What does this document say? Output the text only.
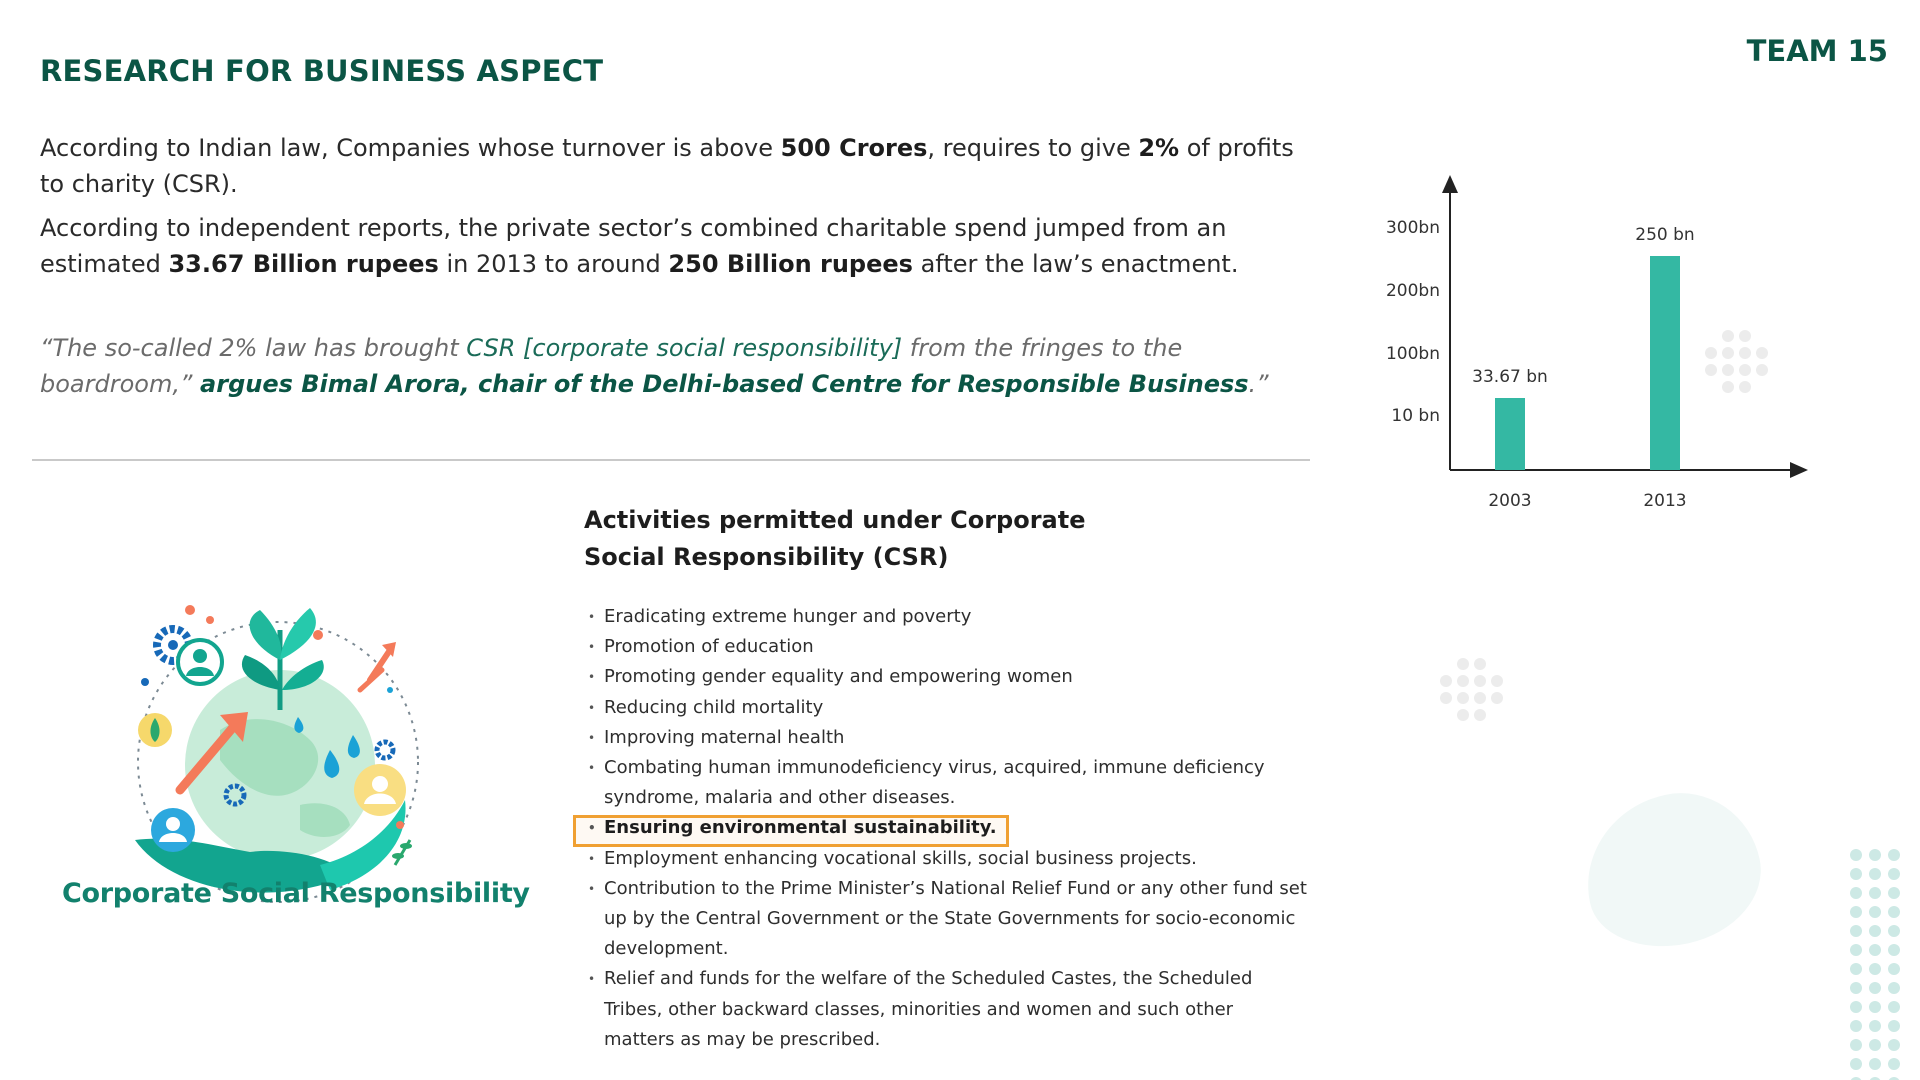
RESEARCH FOR BUSINESS ASPECT
TEAM 15
According to Indian law, Companies whose turnover is above 500 Crores, requires to give 2% of profits to charity (CSR).
According to independent reports, the private sector’s combined charitable spend jumped from an estimated 33.67 Billion rupees in 2013 to around 250 Billion rupees after the law’s enactment.
“The so-called 2% law has brought CSR [corporate social responsibility] from the fringes to the boardroom,” argues Bimal Arora, chair of the Delhi-based Centre for Responsible Business.”
10 bn
100bn
200bn
300bn
33.67 bn
2003
250 bn
2013
Corporate Social Responsibility
Activities permitted under Corporate Social Responsibility (CSR)
• Eradicating extreme hunger and poverty
• Promotion of education
• Promoting gender equality and empowering women
• Reducing child mortality
• Improving maternal health
• Combating human immunodeficiency virus, acquired, immune deficiency syndrome, malaria and other diseases.
• Ensuring environmental sustainability.
• Employment enhancing vocational skills, social business projects.
• Contribution to the Prime Minister’s National Relief Fund or any other fund set up by the Central Government or the State Governments for socio-economic development.
• Relief and funds for the welfare of the Scheduled Castes, the Scheduled Tribes, other backward classes, minorities and women and such other matters as may be prescribed.
